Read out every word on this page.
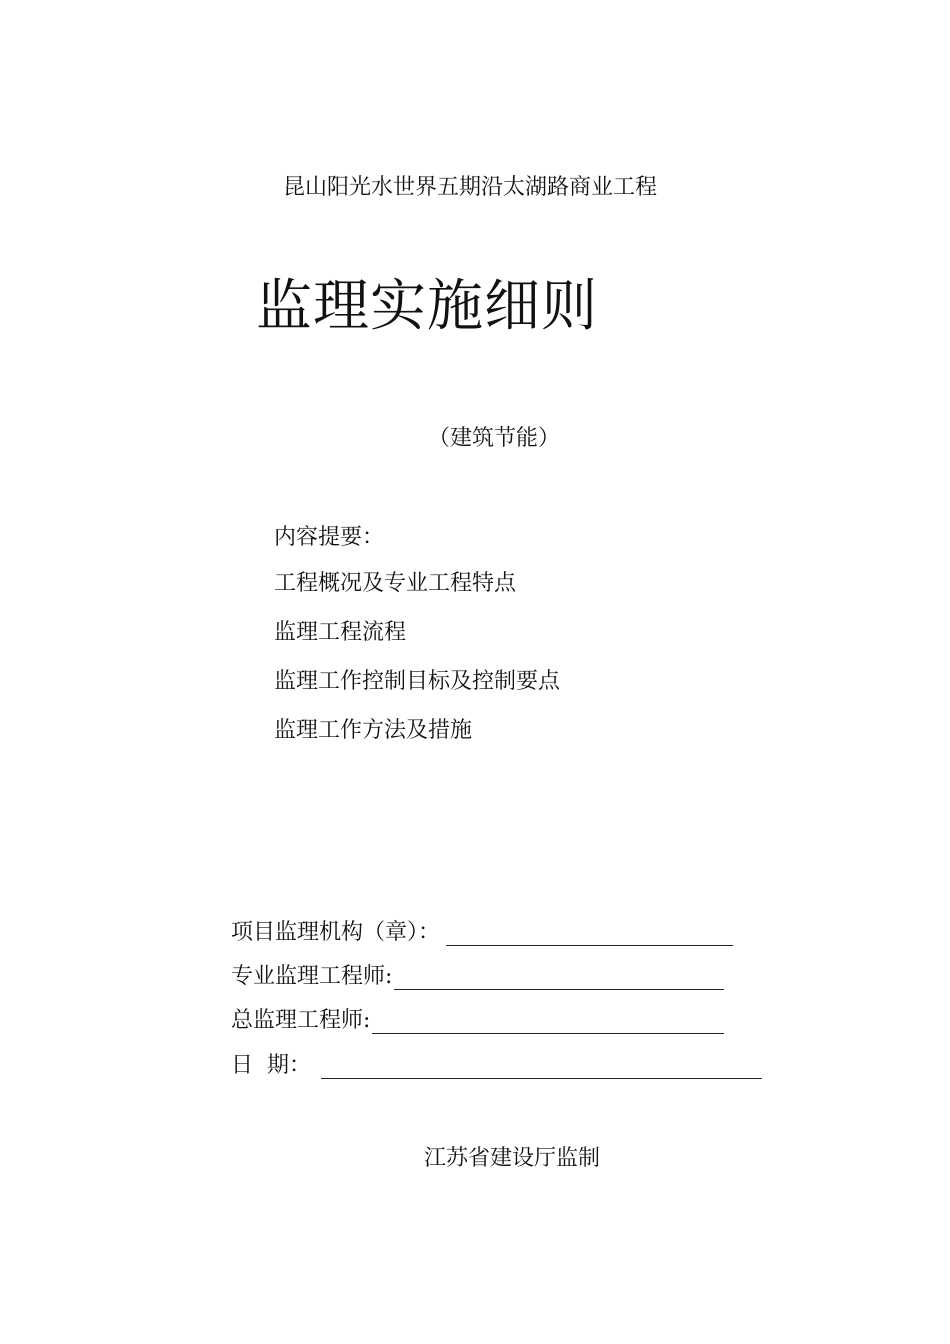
昆山阳光水世界五期沿太湖路商业工程
监理实施细则
（建筑节能）
内容提要：
工程概况及专业工程特点
监理工程流程
监理工作控制目标及控制要点
监理工作方法及措施
项目监理机构（章）：
专业监理工程师:
总监理工程师:
日  期：
江苏省建设厅监制
